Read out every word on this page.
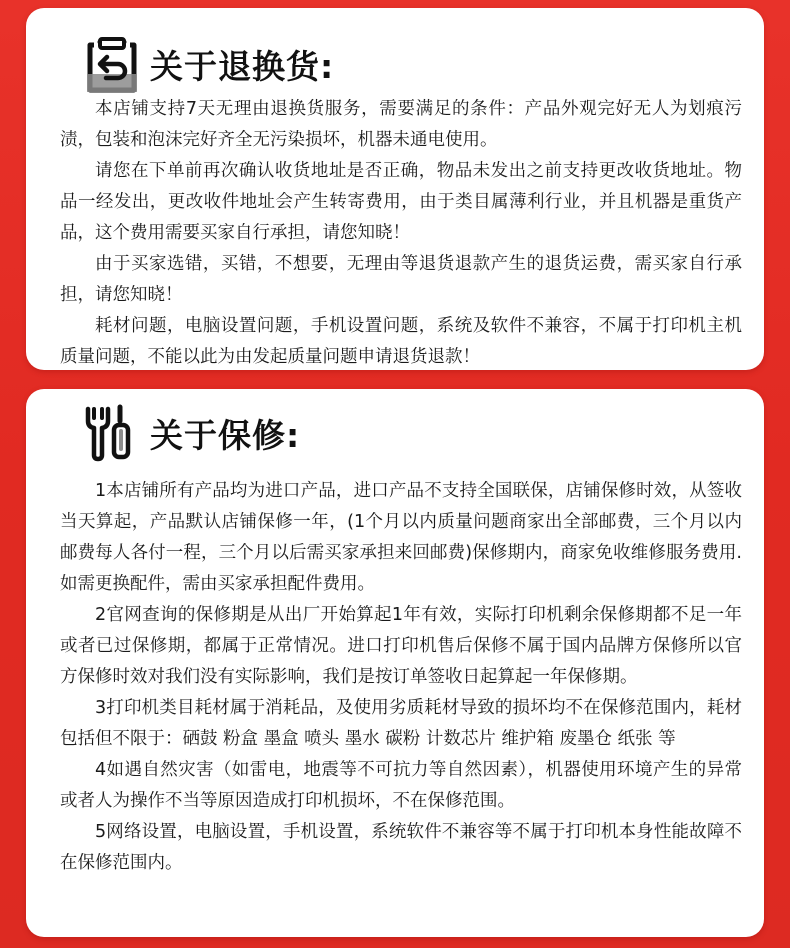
关于退换货:

本店铺支持7天无理由退换货服务，需要满足的条件：产品外观完好无人为划痕污渍，包装和泡沫完好齐全无污染损坏，机器未通电使用。

请您在下单前再次确认收货地址是否正确，物品未发出之前支持更改收货地址。物品一经发出，更改收件地址会产生转寄费用，由于类目属薄利行业，并且机器是重货产品，这个费用需要买家自行承担，请您知晓！

由于买家选错，买错，不想要，无理由等退货退款产生的退货运费，需买家自行承担，请您知晓！

耗材问题，电脑设置问题，手机设置问题，系统及软件不兼容，不属于打印机主机质量问题，不能以此为由发起质量问题申请退货退款！

关于保修:

1本店铺所有产品均为进口产品，进口产品不支持全国联保，店铺保修时效，从签收当天算起，产品默认店铺保修一年，(1个月以内质量问题商家出全部邮费，三个月以内邮费每人各付一程，三个月以后需买家承担来回邮费)保修期内，商家免收维修服务费用.如需更换配件，需由买家承担配件费用。

2官网查询的保修期是从出厂开始算起1年有效，实际打印机剩余保修期都不足一年或者已过保修期，都属于正常情况。进口打印机售后保修不属于国内品牌方保修所以官方保修时效对我们没有实际影响，我们是按订单签收日起算起一年保修期。

3打印机类目耗材属于消耗品，及使用劣质耗材导致的损坏均不在保修范围内，耗材包括但不限于：硒鼓 粉盒 墨盒 喷头 墨水 碳粉 计数芯片 维护箱 废墨仓 纸张 等

4如遇自然灾害（如雷电，地震等不可抗力等自然因素），机器使用环境产生的异常或者人为操作不当等原因造成打印机损坏，不在保修范围。

5网络设置，电脑设置，手机设置，系统软件不兼容等不属于打印机本身性能故障不在保修范围内。
